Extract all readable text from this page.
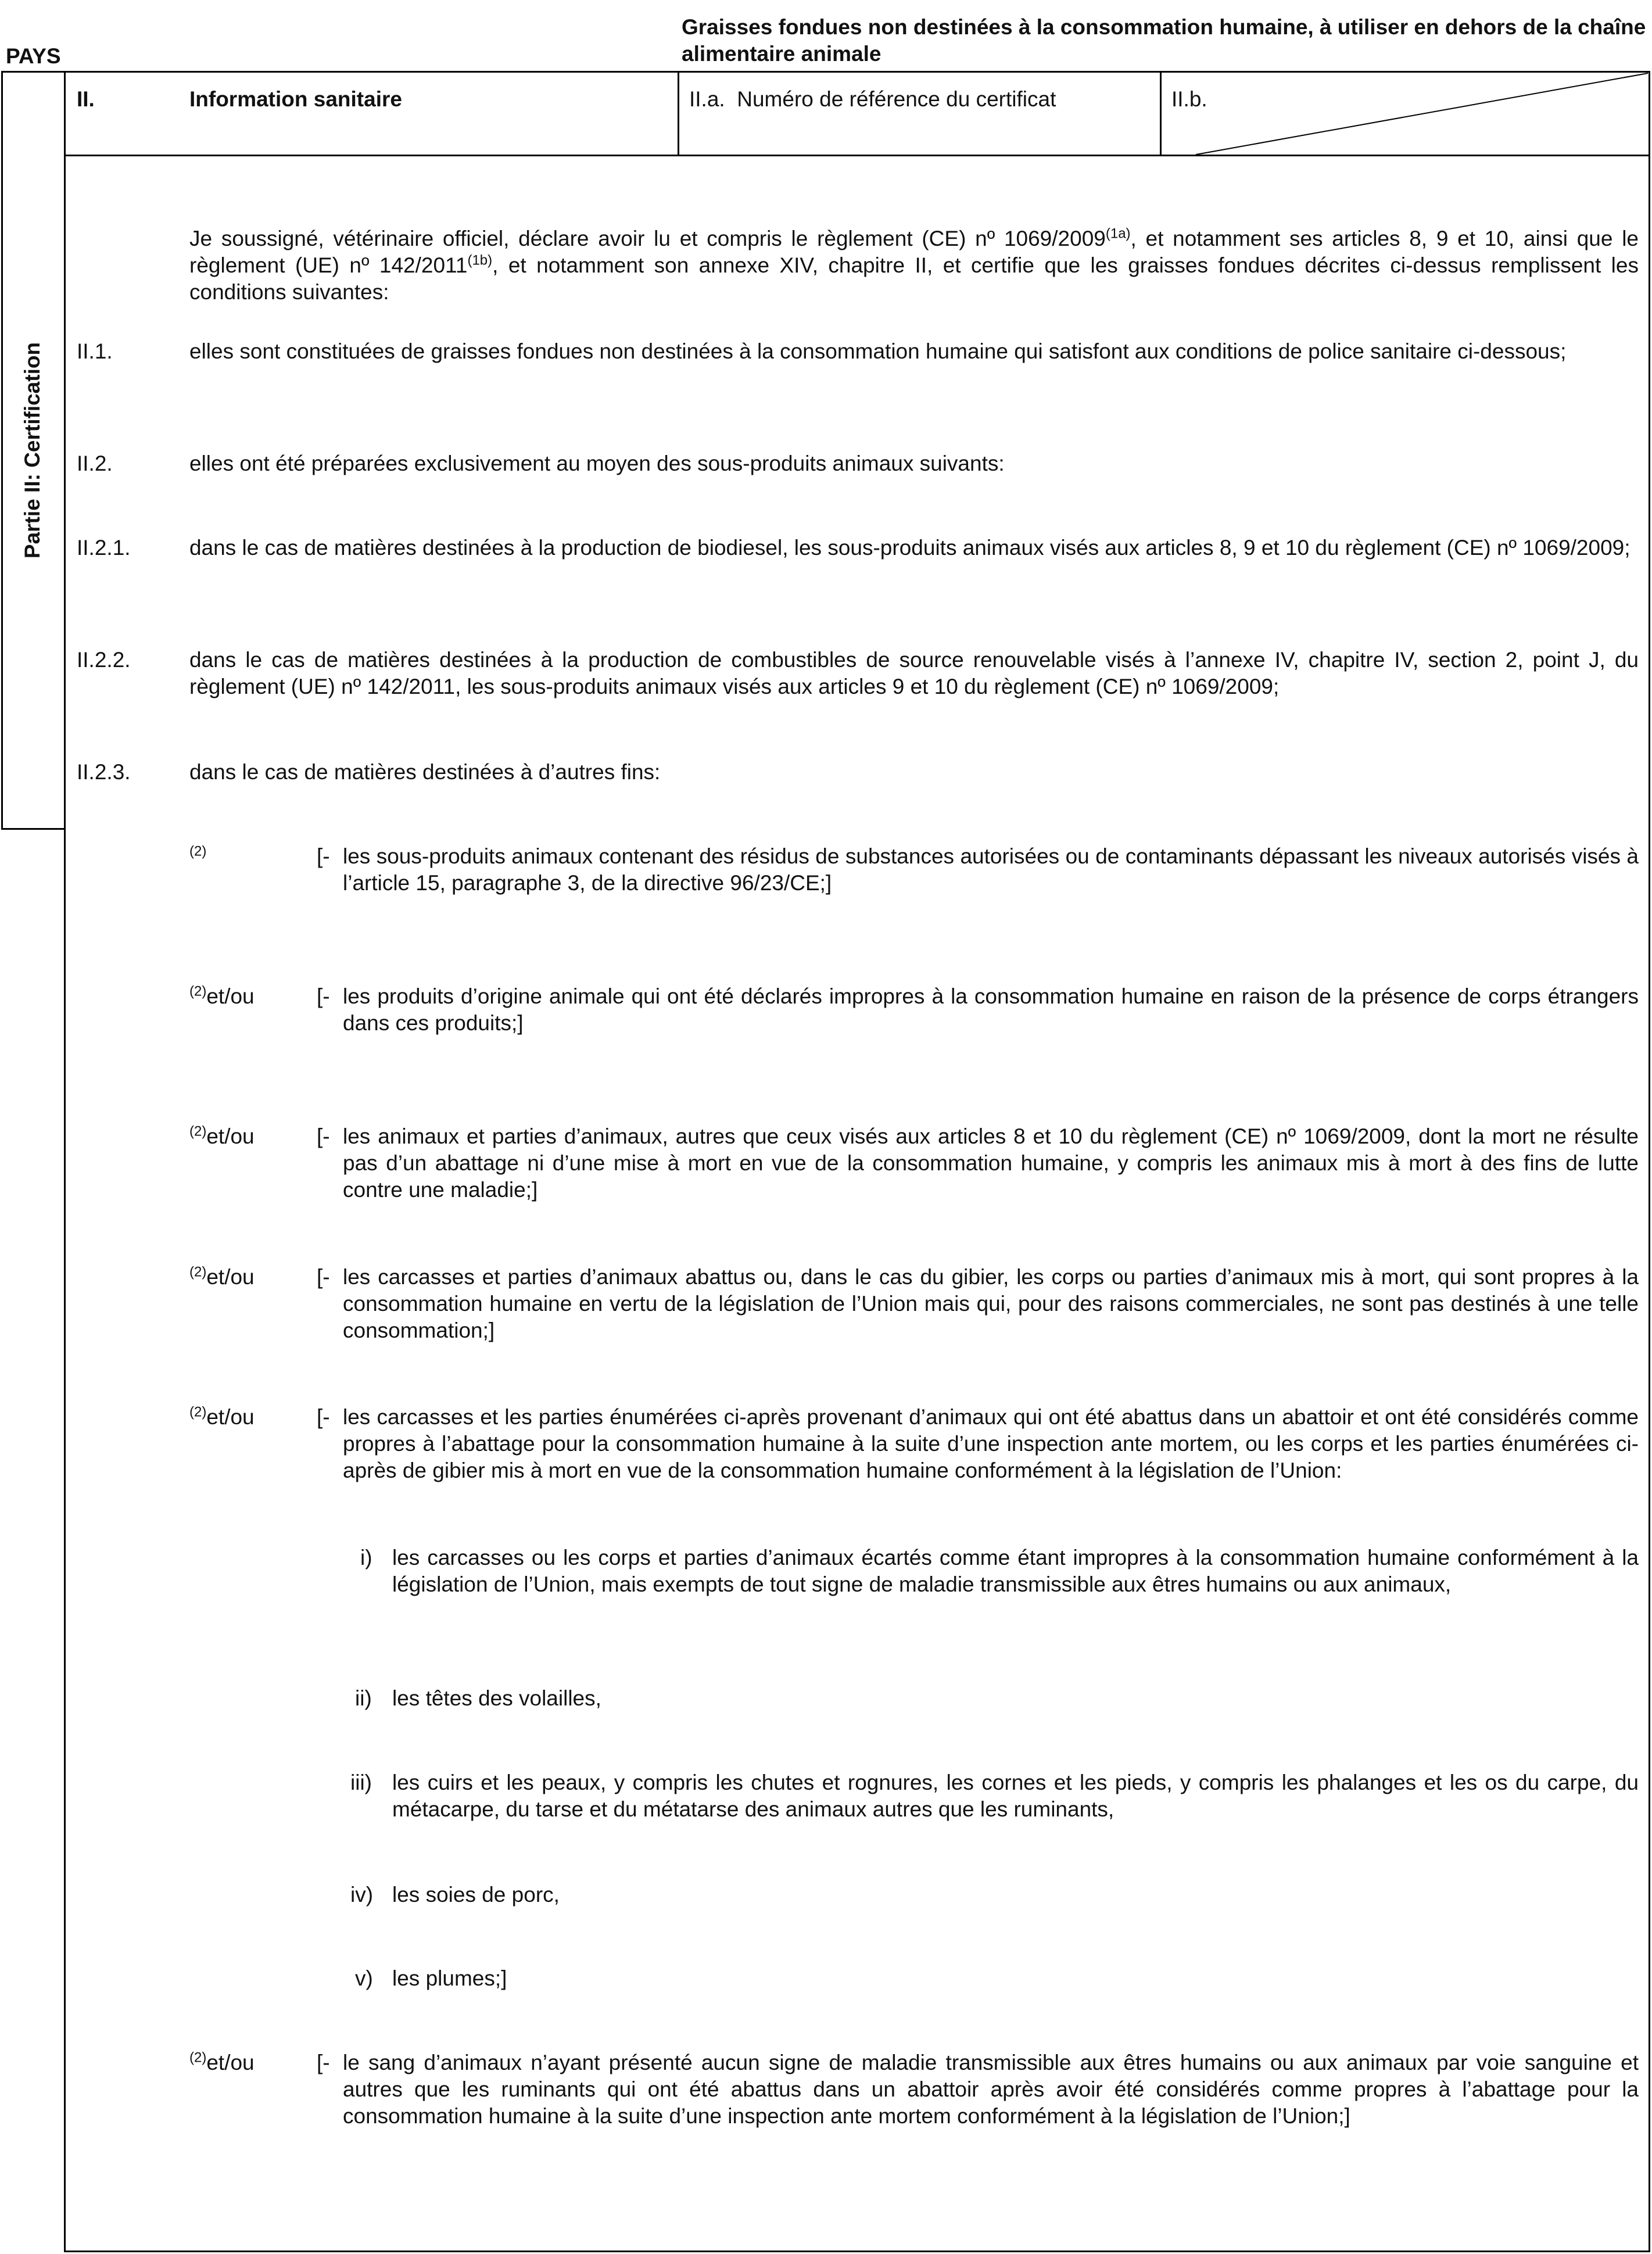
PAYS
Graisses fondues non destinées à la consommation humaine, à utiliser en dehors de la chaîne alimentaire animale
II.	Information sanitaire	II.a.  Numéro de référence du certificat	II.b.
Partie II: Certification
Je soussigné, vétérinaire officiel, déclare avoir lu et compris le règlement (CE) nº $1069/2009^{(1a)}$, et notamment ses articles 8, 9 et 10, ainsi que le règlement (UE) nº $142/2011^{(1b)}$, et notamment son annexe XIV, chapitre II, et certifie que les graisses fondues décrites ci-dessus remplissent les conditions suivantes:
II.1.	elles sont constituées de graisses fondues non destinées à la consommation humaine qui satisfont aux conditions de police sanitaire ci-dessous;
II.2.	elles ont été préparées exclusivement au moyen des sous-produits animaux suivants:
II.2.1.	dans le cas de matières destinées à la production de biodiesel, les sous-produits animaux visés aux articles 8, 9 et 10 du règlement (CE) nº 1069/2009;
II.2.2.	dans le cas de matières destinées à la production de combustibles de source renouvelable visés à l’annexe IV, chapitre IV, section 2, point J, du règlement (UE) nº 142/2011, les sous-produits animaux visés aux articles 9 et 10 du règlement (CE) nº 1069/2009;
II.2.3.	dans le cas de matières destinées à d’autres fins:
$^{(2)}$	[- les sous-produits animaux contenant des résidus de substances autorisées ou de contaminants dépassant les niveaux autorisés visés à l’article 15, paragraphe 3, de la directive 96/23/CE;]
$^{(2)}$et/ou	[- les produits d’origine animale qui ont été déclarés impropres à la consommation humaine en raison de la présence de corps étrangers dans ces produits;]
$^{(2)}$et/ou	[- les animaux et parties d’animaux, autres que ceux visés aux articles 8 et 10 du règlement (CE) nº 1069/2009, dont la mort ne résulte pas d’un abattage ni d’une mise à mort en vue de la consommation humaine, y compris les animaux mis à mort à des fins de lutte contre une maladie;]
$^{(2)}$et/ou	[- les carcasses et parties d’animaux abattus ou, dans le cas du gibier, les corps ou parties d’animaux mis à mort, qui sont propres à la consommation humaine en vertu de la législation de l’Union mais qui, pour des raisons commerciales, ne sont pas destinés à une telle consommation;]
$^{(2)}$et/ou	[- les carcasses et les parties énumérées ci-après provenant d’animaux qui ont été abattus dans un abattoir et ont été considérés comme propres à l’abattage pour la consommation humaine à la suite d’une inspection ante mortem, ou les corps et les parties énumérées ci-après de gibier mis à mort en vue de la consommation humaine conformément à la législation de l’Union:
i) les carcasses ou les corps et parties d’animaux écartés comme étant impropres à la consommation humaine conformément à la législation de l’Union, mais exempts de tout signe de maladie transmissible aux êtres humains ou aux animaux,
ii) les têtes des volailles,
iii) les cuirs et les peaux, y compris les chutes et rognures, les cornes et les pieds, y compris les phalanges et les os du carpe, du métacarpe, du tarse et du métatarse des animaux autres que les ruminants,
iv) les soies de porc,
v) les plumes;]
$^{(2)}$et/ou	[- le sang d’animaux n’ayant présenté aucun signe de maladie transmissible aux êtres humains ou aux animaux par voie sanguine et autres que les ruminants qui ont été abattus dans un abattoir après avoir été considérés comme propres à l’abattage pour la consommation humaine à la suite d’une inspection ante mortem conformément à la législation de l’Union;]
